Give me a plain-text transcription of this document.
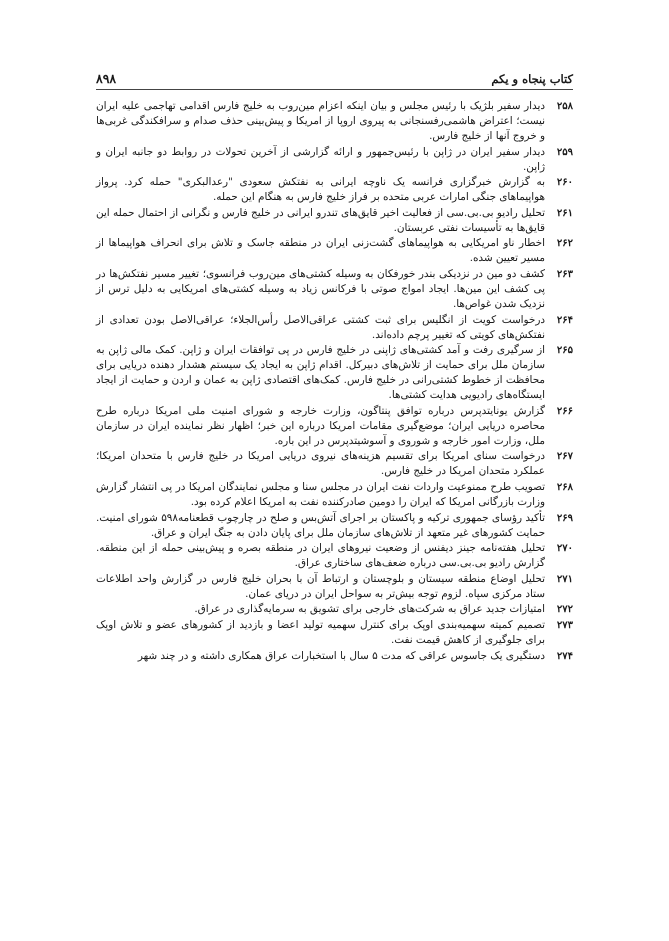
کتاب پنجاه و یکم
۸۹۸
۲۵۸
دیدار سفیر بلژیک با رئیس مجلس و بیان اینکه اعزام مین‌روب به خلیج فارس اقدامی تهاجمی علیه ایران نیست؛ اعتراض هاشمی‌رفسنجانی به پیروی اروپا از امریکا و پیش‌بینی حذف صدام و سرافکندگی غربی‌ها و خروج آنها از خلیج فارس.
۲۵۹
دیدار سفیر ایران در ژاپن با رئیس‌جمهور و ارائه گزارشی از آخرین تحولات در روابط دو جانبه ایران و ژاپن.
۲۶۰
به گزارش خبرگزاری فرانسه یک ناوچه ایرانی به نفتکش سعودی "رعدالبکری" حمله کرد. پرواز هواپیماهای جنگی امارات عربی متحده بر فراز خلیج فارس به هنگام این حمله.
۲۶۱
تحلیل رادیو بی.بی.سی از فعالیت اخیر قایق‌های تندرو ایرانی در خلیج فارس و نگرانی از احتمال حمله این قایق‌ها به تأسیسات نفتی عربستان.
۲۶۲
اخطار ناو امریکایی به هواپیماهای گشت‌زنی ایران در منطقه جاسک و تلاش برای انحراف هواپیماها از مسیر تعیین شده.
۲۶۳
کشف دو مین در نزدیکی بندر خورفکان به وسیله کشتی‌های مین‌روب فرانسوی؛ تغییر مسیر نفتکش‌ها در پی کشف این مین‌ها. ایجاد امواج صوتی با فرکانس زیاد به وسیله کشتی‌های امریکایی به دلیل ترس از نزدیک شدن غواص‌ها.
۲۶۴
درخواست کویت از انگلیس برای ثبت کشتی عراقی‌الاصل رأس‌الجلاء؛ عراقی‌الاصل بودن تعدادی از نفتکش‌های کویتی که تغییر پرچم داده‌اند.
۲۶۵
از سرگیری رفت و آمد کشتی‌های ژاپنی در خلیج فارس در پی توافقات ایران و ژاپن. کمک مالی ژاپن به سازمان ملل برای حمایت از تلاش‌های دبیرکل. اقدام ژاپن به ایجاد یک سیستم هشدار دهنده دریایی برای محافظت از خطوط کشتی‌رانی در خلیج فارس. کمک‌های اقتصادی ژاپن به عمان و اردن و حمایت از ایجاد ایستگاه‌های رادیویی هدایت کشتی‌ها.
۲۶۶
گزارش یونایتدپرس درباره توافق پنتاگون، وزارت خارجه و شورای امنیت ملی امریکا درباره طرح محاصره دریایی ایران؛ موضع‌گیری مقامات امریکا درباره این خبر؛ اظهار نظر نماینده ایران در سازمان ملل، وزارت امور خارجه و شوروی و آسوشیتدپرس در این باره.
۲۶۷
درخواست سنای امریکا برای تقسیم هزینه‌های نیروی دریایی امریکا در خلیج فارس با متحدان امریکا؛ عملکرد متحدان امریکا در خلیج فارس.
۲۶۸
تصویب طرح ممنوعیت واردات نفت ایران در مجلس سنا و مجلس نمایندگان امریکا در پی انتشار گزارش وزارت بازرگانی امریکا که ایران را دومین صادرکننده نفت به امریکا اعلام کرده بود.
۲۶۹
تأکید رؤسای جمهوری ترکیه و پاکستان بر اجرای آتش‌بس و صلح در چارچوب قطعنامه۵۹۸ شورای امنیت. حمایت کشورهای غیر متعهد از تلاش‌های سازمان ملل برای پایان دادن به جنگ ایران و عراق.
۲۷۰
تحلیل هفته‌نامه جینز دیفنس از وضعیت نیروهای ایران در منطقه بصره و پیش‌بینی حمله از این منطقه. گزارش رادیو بی.بی.سی درباره ضعف‌های ساختاری عراق.
۲۷۱
تحلیل اوضاع منطقه سیستان و بلوچستان و ارتباط آن با بحران خلیج فارس در گزارش واحد اطلاعات ستاد مرکزی سپاه. لزوم توجه بیش‌تر به سواحل ایران در دریای عمان.
۲۷۲
امتیازات جدید عراق به شرکت‌های خارجی برای تشویق به سرمایه‌گذاری در عراق.
۲۷۳
تصمیم کمیته سهمیه‌بندی اوپک برای کنترل سهمیه تولید اعضا و بازدید از کشورهای عضو و تلاش اوپک برای جلوگیری از کاهش قیمت نفت.
۲۷۴
دستگیری یک جاسوس عراقی که مدت ۵ سال با استخبارات عراق همکاری داشته و در چند شهر
